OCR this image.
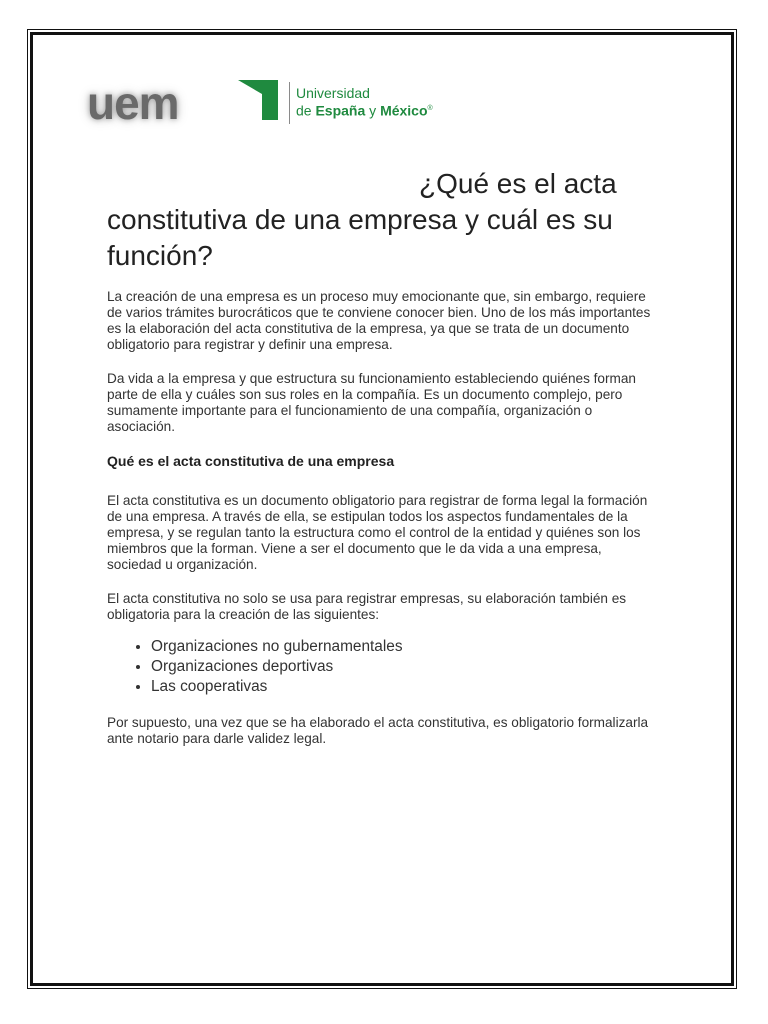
uem	Universidad
de España y México®
¿Qué es el acta constitutiva de una empresa y cuál es su función?

La creación de una empresa es un proceso muy emocionante que, sin embargo, requiere de varios trámites burocráticos que te conviene conocer bien. Uno de los más importantes es la elaboración del acta constitutiva de la empresa, ya que se trata de un documento obligatorio para registrar y definir una empresa.

Da vida a la empresa y que estructura su funcionamiento estableciendo quiénes forman parte de ella y cuáles son sus roles en la compañía. Es un documento complejo, pero sumamente importante para el funcionamiento de una compañía, organización o asociación.

Qué es el acta constitutiva de una empresa

El acta constitutiva es un documento obligatorio para registrar de forma legal la formación de una empresa. A través de ella, se estipulan todos los aspectos fundamentales de la empresa, y se regulan tanto la estructura como el control de la entidad y quiénes son los miembros que la forman. Viene a ser el documento que le da vida a una empresa, sociedad u organización.

El acta constitutiva no solo se usa para registrar empresas, su elaboración también es obligatoria para la creación de las siguientes:

• Organizaciones no gubernamentales
• Organizaciones deportivas
• Las cooperativas

Por supuesto, una vez que se ha elaborado el acta constitutiva, es obligatorio formalizarla ante notario para darle validez legal.
